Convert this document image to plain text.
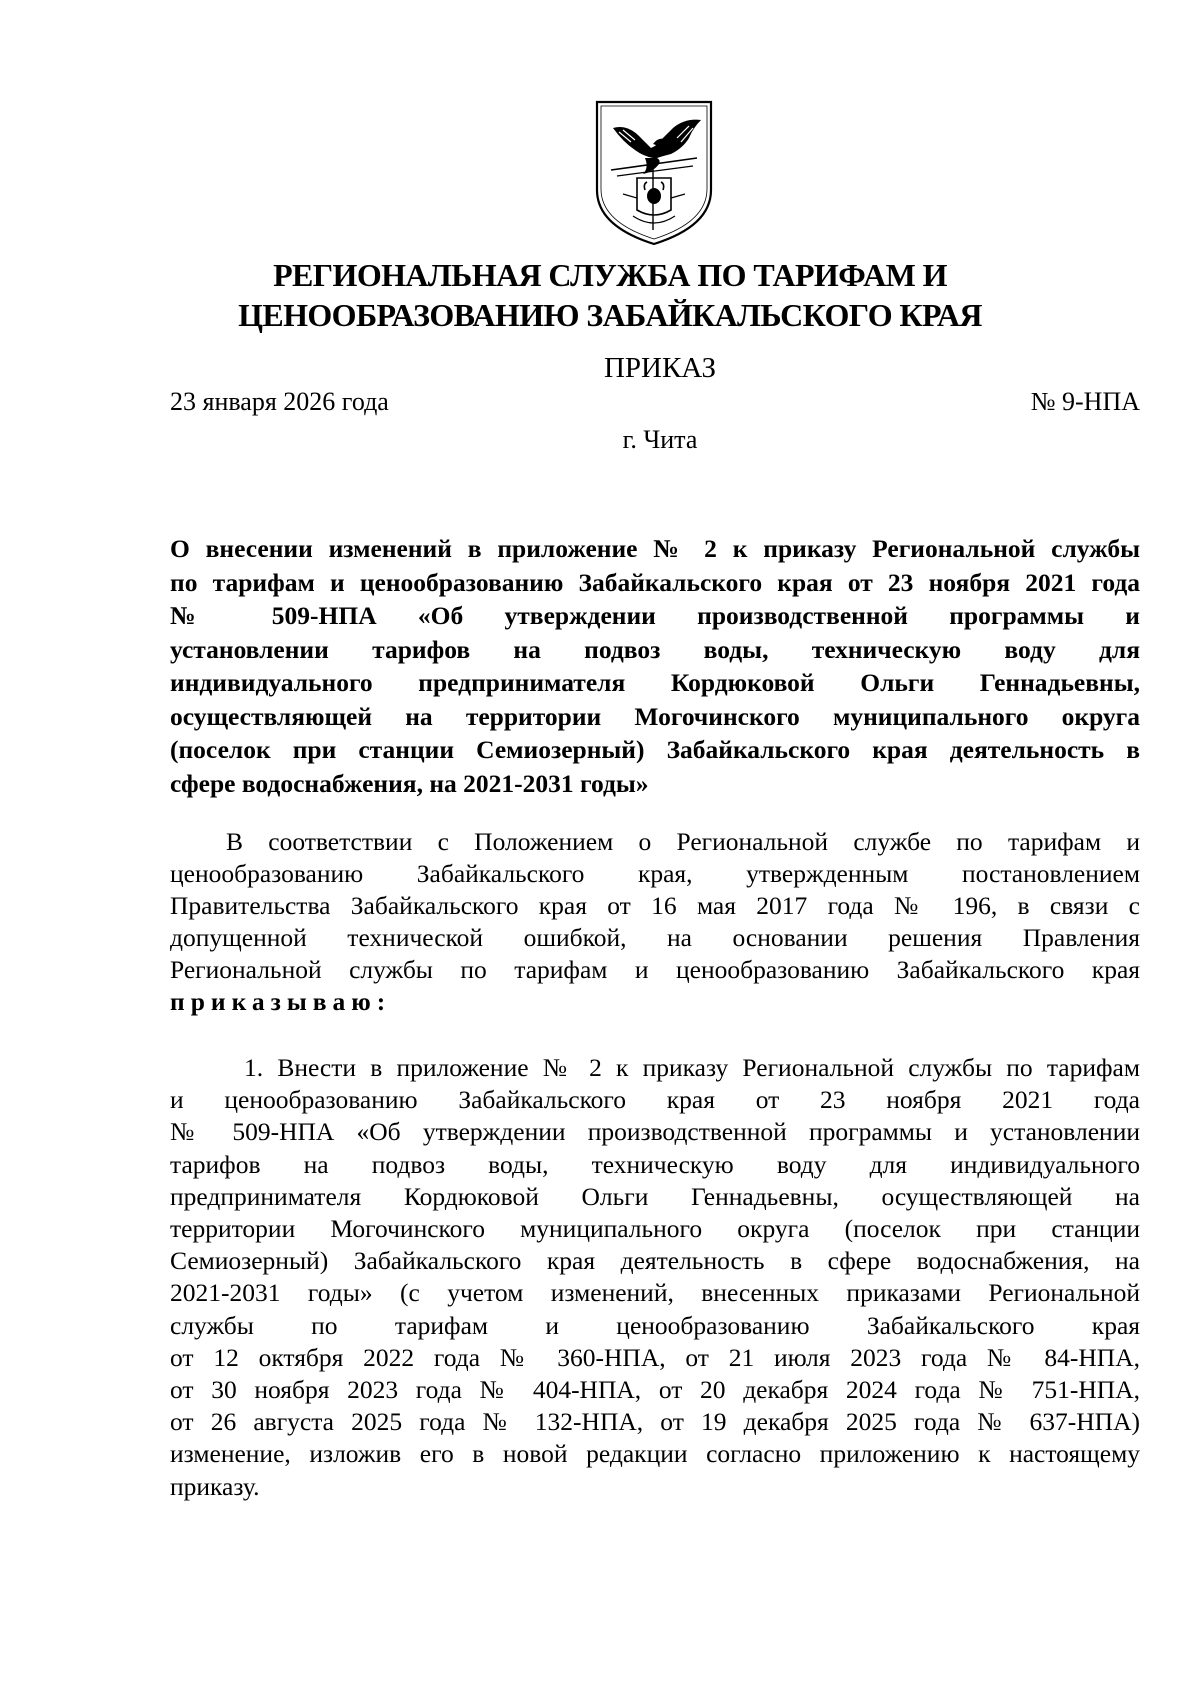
РЕГИОНАЛЬНАЯ СЛУЖБА ПО ТАРИФАМ И
ЦЕНООБРАЗОВАНИЮ ЗАБАЙКАЛЬСКОГО КРАЯ
ПРИКАЗ
23 января 2026 года	№ 9-НПА
г. Чита
О внесении изменений в приложение № 2 к приказу Региональной службы
по тарифам и ценообразованию Забайкальского края от 23 ноября 2021 года
№ 509-НПА «Об утверждении производственной программы и
установлении тарифов на подвоз воды, техническую воду для
индивидуального предпринимателя Кордюковой Ольги Геннадьевны,
осуществляющей на территории Могочинского муниципального округа
(поселок при станции Семиозерный) Забайкальского края деятельность в
сфере водоснабжения, на 2021-2031 годы»
В соответствии с Положением о Региональной службе по тарифам и
ценообразованию Забайкальского края, утвержденным постановлением
Правительства Забайкальского края от 16 мая 2017 года № 196, в связи с
допущенной технической ошибкой, на основании решения Правления
Региональной службы по тарифам и ценообразованию Забайкальского края
приказываю:
1. Внести в приложение № 2 к приказу Региональной службы по тарифам
и ценообразованию Забайкальского края от 23 ноября 2021 года
№ 509-НПА «Об утверждении производственной программы и установлении
тарифов на подвоз воды, техническую воду для индивидуального
предпринимателя Кордюковой Ольги Геннадьевны, осуществляющей на
территории Могочинского муниципального округа (поселок при станции
Семиозерный) Забайкальского края деятельность в сфере водоснабжения, на
2021-2031 годы» (с учетом изменений, внесенных приказами Региональной
службы по тарифам и ценообразованию Забайкальского края
от 12 октября 2022 года № 360-НПА, от 21 июля 2023 года № 84-НПА,
от 30 ноября 2023 года № 404-НПА, от 20 декабря 2024 года № 751-НПА,
от 26 августа 2025 года № 132-НПА, от 19 декабря 2025 года № 637-НПА)
изменение, изложив его в новой редакции согласно приложению к настоящему
приказу.
